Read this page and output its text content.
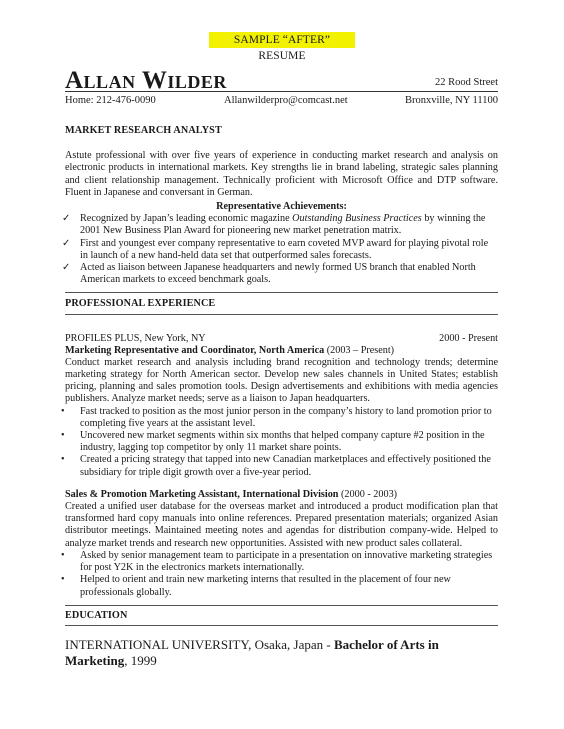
SAMPLE “AFTER” RESUME
Allan Wilder	22 Rood Street
Home: 212-476-0090	Allanwilderpro@comcast.net	Bronxville, NY 11100
MARKET RESEARCH ANALYST

Astute professional with over five years of experience in conducting market research and analysis on electronic products in international markets. Key strengths lie in brand labeling, strategic sales planning and client relationship management. Technically proficient with Microsoft Office and DTP software. Fluent in Japanese and conversant in German.

Representative Achievements:
✓ Recognized by Japan’s leading economic magazine Outstanding Business Practices by winning the 2001 New Business Plan Award for pioneering new market penetration matrix.
✓ First and youngest ever company representative to earn coveted MVP award for playing pivotal role in launch of a new hand-held data set that outperformed sales forecasts.
✓ Acted as liaison between Japanese headquarters and newly formed US branch that enabled North American markets to exceed benchmark goals.
PROFESSIONAL EXPERIENCE
PROFILES PLUS, New York, NY	2000 - Present
Marketing Representative and Coordinator, North America (2003 – Present)

Conduct market research and analysis including brand recognition and technology trends; determine marketing strategy for North American sector. Develop new sales channels in United States; establish pricing, planning and sales promotion tools. Design advertisements and exhibitions with media agencies publishers. Analyze market needs; serve as a liaison to Japan headquarters.

• Fast tracked to position as the most junior person in the company’s history to land promotion prior to completing five years at the assistant level.
• Uncovered new market segments within six months that helped company capture #2 position in the industry, lagging top competitor by only 11 market share points.
• Created a pricing strategy that tapped into new Canadian marketplaces and effectively positioned the subsidiary for triple digit growth over a five-year period.
Sales & Promotion Marketing Assistant, International Division (2000 - 2003)

Created a unified user database for the overseas market and introduced a product modification plan that transformed hard copy manuals into online references. Prepared presentation materials; organized Asian distributor meetings. Maintained meeting notes and agendas for distribution company-wide. Helped to analyze market trends and research new opportunities. Assisted with new product sales collateral.

• Asked by senior management team to participate in a presentation on innovative marketing strategies for post Y2K in the electronics markets internationally.
• Helped to orient and train new marketing interns that resulted in the placement of four new professionals globally.
EDUCATION
INTERNATIONAL UNIVERSITY, Osaka, Japan - Bachelor of Arts in Marketing, 1999
